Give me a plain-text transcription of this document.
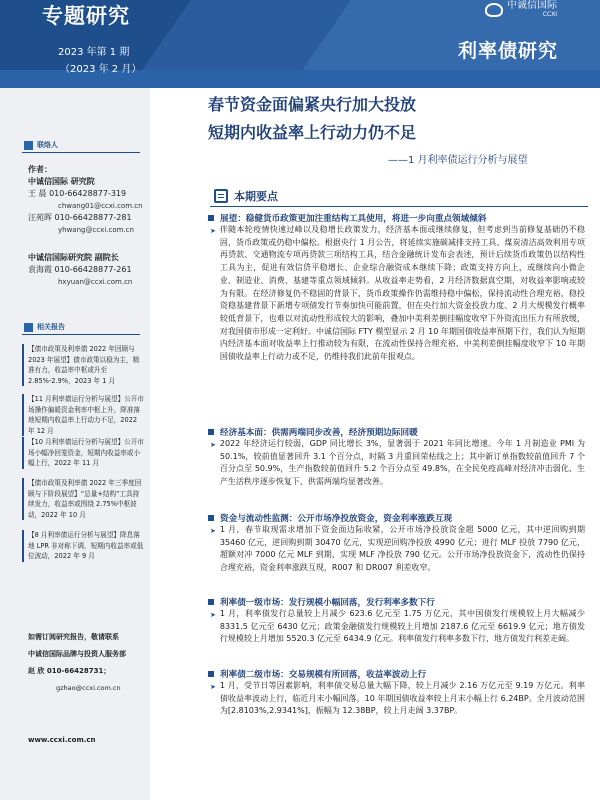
专题研究
2023 年第 1 期
（2023 年 2 月）
中诚信国际
CCXI
利率债研究
联络人
作者：
中诚信国际 研究院
王 晨 010-66428877-319
chwang01@ccxi.com.cn
汪苑晖 010-66428877-281
yhwang@ccxi.com.cn
中诚信国际研究院 副院长
袁海霞 010-66428877-261
hxyuan@ccxi.com.cn
相关报告
【债市政策及利率债 2022 年回顾与 2023 年展望】债市政策以稳为主，精准有力，收益率中枢或升至 2.85%-2.9%，2023 年 1 月
【11 月利率债运行分析与展望】公开市场操作偏暖资金利率中枢上升，降准落地短期内收益率上行动力不足，2022 年 12 月
【10 月利率债运行分析与展望】公开市场小幅净回笼资金，短期内收益率或小幅上行，2022 年 11 月
【债市政策及利率债 2022 年三季度回顾与下阶段展望】“总量+结构”工具持续发力，收益率或围绕 2.75%中枢波动，2022 年 10 月
【8 月利率债运行分析与展望】降息落地 LPR 非对称下调，短期内收益率或低位波动，2022 年 9 月
如需订阅研究报告，敬请联系
中诚信国际品牌与投资人服务部
赵 欣 010-66428731；
gzhao@ccxi.com.cn
www.ccxi.com.cn
春节资金面偏紧央行加大投放
短期内收益率上行动力仍不足
——1 月利率债运行分析与展望
本期要点
展望：稳健货币政策更加注重结构工具使用，将进一步向重点领域倾斜
➤ 伴随本轮疫情快速过峰以及稳增长政策发力，经济基本面或继续修复，但考虑到当前修复基础仍不稳固，货币政策或仍稳中偏松。根据央行 1 月公告，将延续实施碳减排支持工具、煤炭清洁高效利用专项再贷款、交通物流专项再贷款三项结构工具，结合金融统计发布会表述，预计后续货币政策仍以结构性工具为主，促进有效信贷平稳增长、企业综合融资成本继续下降；政策支持方向上，或继续向小微企业、制造业、消费、基建等重点领域倾斜。从收益率走势看，2 月经济数据真空期，对收益率影响或较为有限。在经济修复仍不稳固的背景下，货币政策操作仍需维持稳中偏松，保持流动性合理充裕，稳投资稳基建背景下新增专项债发行节奏加快可能前置，但在央行加大资金投放力度、2 月大规模发行概率较低背景下，也难以对流动性形成较大的影响，叠加中美利差倒挂幅度收窄下外资流出压力有所放缓，对我国债市形成一定利好。中诚信国际 FTY 模型显示 2 月 10 年期国债收益率预期下行，我们认为短期内经济基本面对收益率上行推动较为有限，在流动性保持合理充裕、中美利差倒挂幅度收窄下 10 年期国债收益率上行动力或不足，仍维持我们此前年报观点。
经济基本面：供需两端同步改善，经济预期边际回暖
➤ 2022 年经济运行较弱，GDP 同比增长 3%，显著弱于 2021 年同比增速。今年 1 月制造业 PMI 为 50.1%，较前值显著回升 3.1 个百分点，时隔 3 月重回荣枯线之上；其中新订单指数较前值回升 7 个百分点至 50.9%，生产指数较前值回升 5.2 个百分点至 49.8%，在全民免疫高峰对经济冲击弱化、生产生活秩序逐步恢复下，供需两端均显著改善。
资金与流动性监测：公开市场净投放资金，资金利率涨跌互现
➤ 1 月，春节取现需求增加下资金面边际收紧，公开市场净投放资金超 5000 亿元，其中逆回购到期 35460 亿元，逆回购到期 30470 亿元，实现逆回购净投放 4990 亿元；进行 MLF 投放 7790 亿元，超额对冲 7000 亿元 MLF 到期，实现 MLF 净投放 790 亿元。公开市场净投放资金下，流动性仍保持合理充裕，资金利率涨跌互现，R007 和 DR007 利差收窄。
利率债一级市场：发行规模小幅回落，发行利率多数下行
➤ 1 月，利率债发行总量较上月减少 623.6 亿元至 1.75 万亿元，其中国债发行规模较上月大幅减少 8331.5 亿元至 6430 亿元；政策金融债发行规模较上月增加 2187.6 亿元至 6619.9 亿元；地方债发行规模较上月增加 5520.3 亿元至 6434.9 亿元。利率债发行利率多数下行，地方债发行利差走阔。
利率债二级市场：交易规模有所回落，收益率波动上行
➤ 1 月，受节日等因素影响，利率债交易总量大幅下降，较上月减少 2.16 万亿元至 9.19 万亿元。利率债收益率波动上行，临近月末小幅回落，10 年期国债收益率较上月末小幅上行 6.24BP。全月波动范围为[2.8103%,2.9341%]，振幅为 12.38BP，较上月走阔 3.37BP。
